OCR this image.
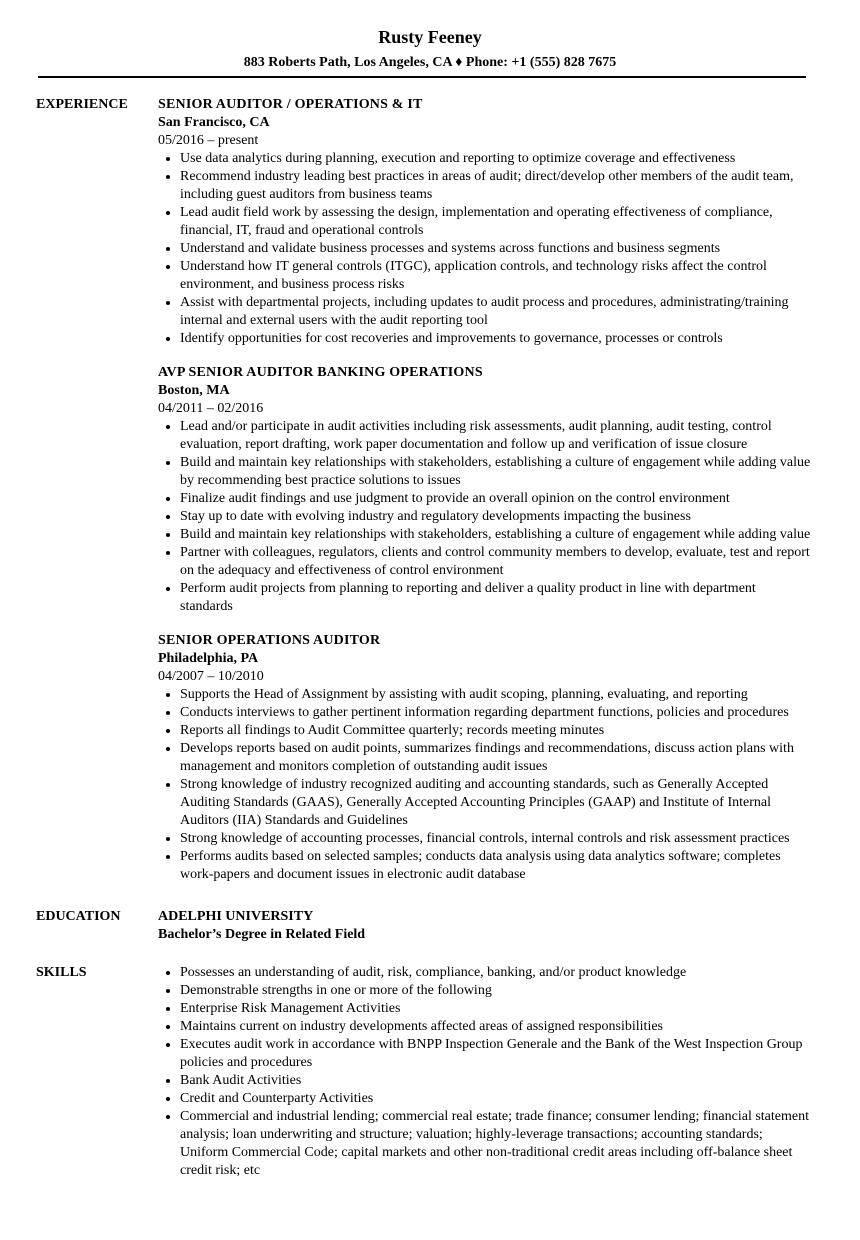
Rusty Feeney
883 Roberts Path, Los Angeles, CA ♦ Phone: +1 (555) 828 7675
EXPERIENCE	SENIOR AUDITOR / OPERATIONS & IT
San Francisco, CA
05/2016 – present
• Use data analytics during planning, execution and reporting to optimize coverage and effectiveness
• Recommend industry leading best practices in areas of audit; direct/develop other members of the audit team, including guest auditors from business teams
• Lead audit field work by assessing the design, implementation and operating effectiveness of compliance, financial, IT, fraud and operational controls
• Understand and validate business processes and systems across functions and business segments
• Understand how IT general controls (ITGC), application controls, and technology risks affect the control environment, and business process risks
• Assist with departmental projects, including updates to audit process and procedures, administrating/training internal and external users with the audit reporting tool
• Identify opportunities for cost recoveries and improvements to governance, processes or controls
AVP SENIOR AUDITOR BANKING OPERATIONS
Boston, MA
04/2011 – 02/2016
• Lead and/or participate in audit activities including risk assessments, audit planning, audit testing, control evaluation, report drafting, work paper documentation and follow up and verification of issue closure
• Build and maintain key relationships with stakeholders, establishing a culture of engagement while adding value by recommending best practice solutions to issues
• Finalize audit findings and use judgment to provide an overall opinion on the control environment
• Stay up to date with evolving industry and regulatory developments impacting the business
• Build and maintain key relationships with stakeholders, establishing a culture of engagement while adding value
• Partner with colleagues, regulators, clients and control community members to develop, evaluate, test and report on the adequacy and effectiveness of control environment
• Perform audit projects from planning to reporting and deliver a quality product in line with department standards
SENIOR OPERATIONS AUDITOR
Philadelphia, PA
04/2007 – 10/2010
• Supports the Head of Assignment by assisting with audit scoping, planning, evaluating, and reporting
• Conducts interviews to gather pertinent information regarding department functions, policies and procedures
• Reports all findings to Audit Committee quarterly; records meeting minutes
• Develops reports based on audit points, summarizes findings and recommendations, discuss action plans with management and monitors completion of outstanding audit issues
• Strong knowledge of industry recognized auditing and accounting standards, such as Generally Accepted Auditing Standards (GAAS), Generally Accepted Accounting Principles (GAAP) and Institute of Internal Auditors (IIA) Standards and Guidelines
• Strong knowledge of accounting processes, financial controls, internal controls and risk assessment practices
• Performs audits based on selected samples; conducts data analysis using data analytics software; completes work-papers and document issues in electronic audit database
EDUCATION	ADELPHI UNIVERSITY
Bachelor’s Degree in Related Field
SKILLS
•	Possesses an understanding of audit, risk, compliance, banking, and/or product knowledge
• Demonstrable strengths in one or more of the following
• Enterprise Risk Management Activities
• Maintains current on industry developments affected areas of assigned responsibilities
• Executes audit work in accordance with BNPP Inspection Generale and the Bank of the West Inspection Group policies and procedures
• Bank Audit Activities
• Credit and Counterparty Activities
• Commercial and industrial lending; commercial real estate; trade finance; consumer lending; financial statement analysis; loan underwriting and structure; valuation; highly-leverage transactions; accounting standards; Uniform Commercial Code; capital markets and other non-traditional credit areas including off-balance sheet credit risk; etc
